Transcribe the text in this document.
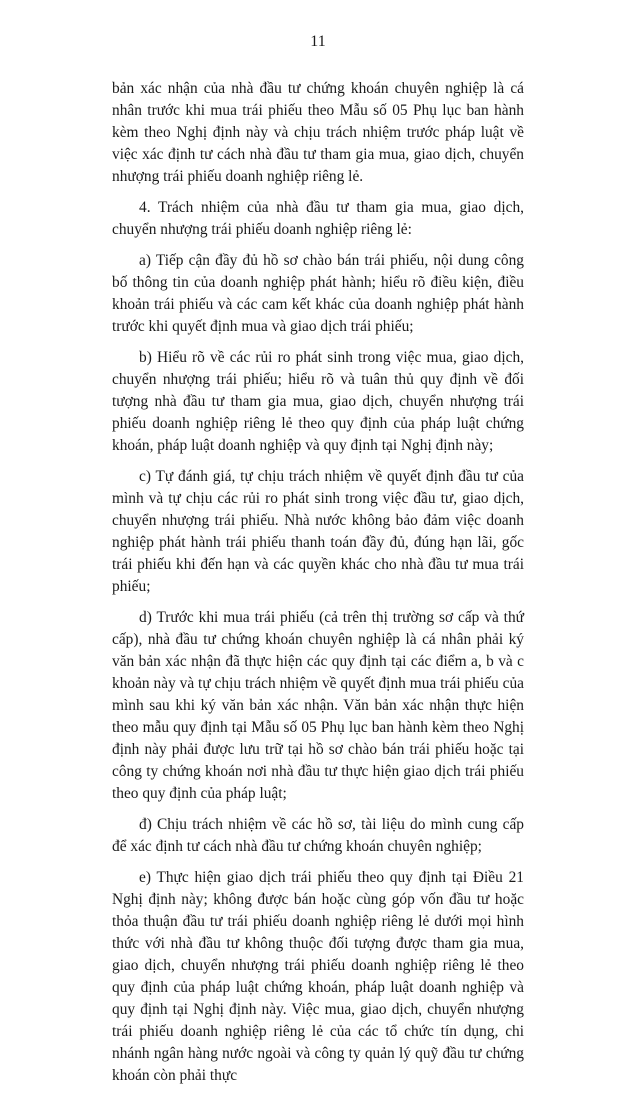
11

bản xác nhận của nhà đầu tư chứng khoán chuyên nghiệp là cá nhân trước khi mua trái phiếu theo Mẫu số 05 Phụ lục ban hành kèm theo Nghị định này và chịu trách nhiệm trước pháp luật về việc xác định tư cách nhà đầu tư tham gia mua, giao dịch, chuyển nhượng trái phiếu doanh nghiệp riêng lẻ.

4. Trách nhiệm của nhà đầu tư tham gia mua, giao dịch, chuyển nhượng trái phiếu doanh nghiệp riêng lẻ:

a) Tiếp cận đầy đủ hồ sơ chào bán trái phiếu, nội dung công bố thông tin của doanh nghiệp phát hành; hiểu rõ điều kiện, điều khoản trái phiếu và các cam kết khác của doanh nghiệp phát hành trước khi quyết định mua và giao dịch trái phiếu;

b) Hiểu rõ về các rủi ro phát sinh trong việc mua, giao dịch, chuyển nhượng trái phiếu; hiểu rõ và tuân thủ quy định về đối tượng nhà đầu tư tham gia mua, giao dịch, chuyển nhượng trái phiếu doanh nghiệp riêng lẻ theo quy định của pháp luật chứng khoán, pháp luật doanh nghiệp và quy định tại Nghị định này;

c) Tự đánh giá, tự chịu trách nhiệm về quyết định đầu tư của mình và tự chịu các rủi ro phát sinh trong việc đầu tư, giao dịch, chuyển nhượng trái phiếu. Nhà nước không bảo đảm việc doanh nghiệp phát hành trái phiếu thanh toán đầy đủ, đúng hạn lãi, gốc trái phiếu khi đến hạn và các quyền khác cho nhà đầu tư mua trái phiếu;

d) Trước khi mua trái phiếu (cả trên thị trường sơ cấp và thứ cấp), nhà đầu tư chứng khoán chuyên nghiệp là cá nhân phải ký văn bản xác nhận đã thực hiện các quy định tại các điểm a, b và c khoản này và tự chịu trách nhiệm về quyết định mua trái phiếu của mình sau khi ký văn bản xác nhận. Văn bản xác nhận thực hiện theo mẫu quy định tại Mẫu số 05 Phụ lục ban hành kèm theo Nghị định này phải được lưu trữ tại hồ sơ chào bán trái phiếu hoặc tại công ty chứng khoán nơi nhà đầu tư thực hiện giao dịch trái phiếu theo quy định của pháp luật;

đ) Chịu trách nhiệm về các hồ sơ, tài liệu do mình cung cấp để xác định tư cách nhà đầu tư chứng khoán chuyên nghiệp;

e) Thực hiện giao dịch trái phiếu theo quy định tại Điều 21 Nghị định này; không được bán hoặc cùng góp vốn đầu tư hoặc thỏa thuận đầu tư trái phiếu doanh nghiệp riêng lẻ dưới mọi hình thức với nhà đầu tư không thuộc đối tượng được tham gia mua, giao dịch, chuyển nhượng trái phiếu doanh nghiệp riêng lẻ theo quy định của pháp luật chứng khoán, pháp luật doanh nghiệp và quy định tại Nghị định này. Việc mua, giao dịch, chuyển nhượng trái phiếu doanh nghiệp riêng lẻ của các tổ chức tín dụng, chi nhánh ngân hàng nước ngoài và công ty quản lý quỹ đầu tư chứng khoán còn phải thực
